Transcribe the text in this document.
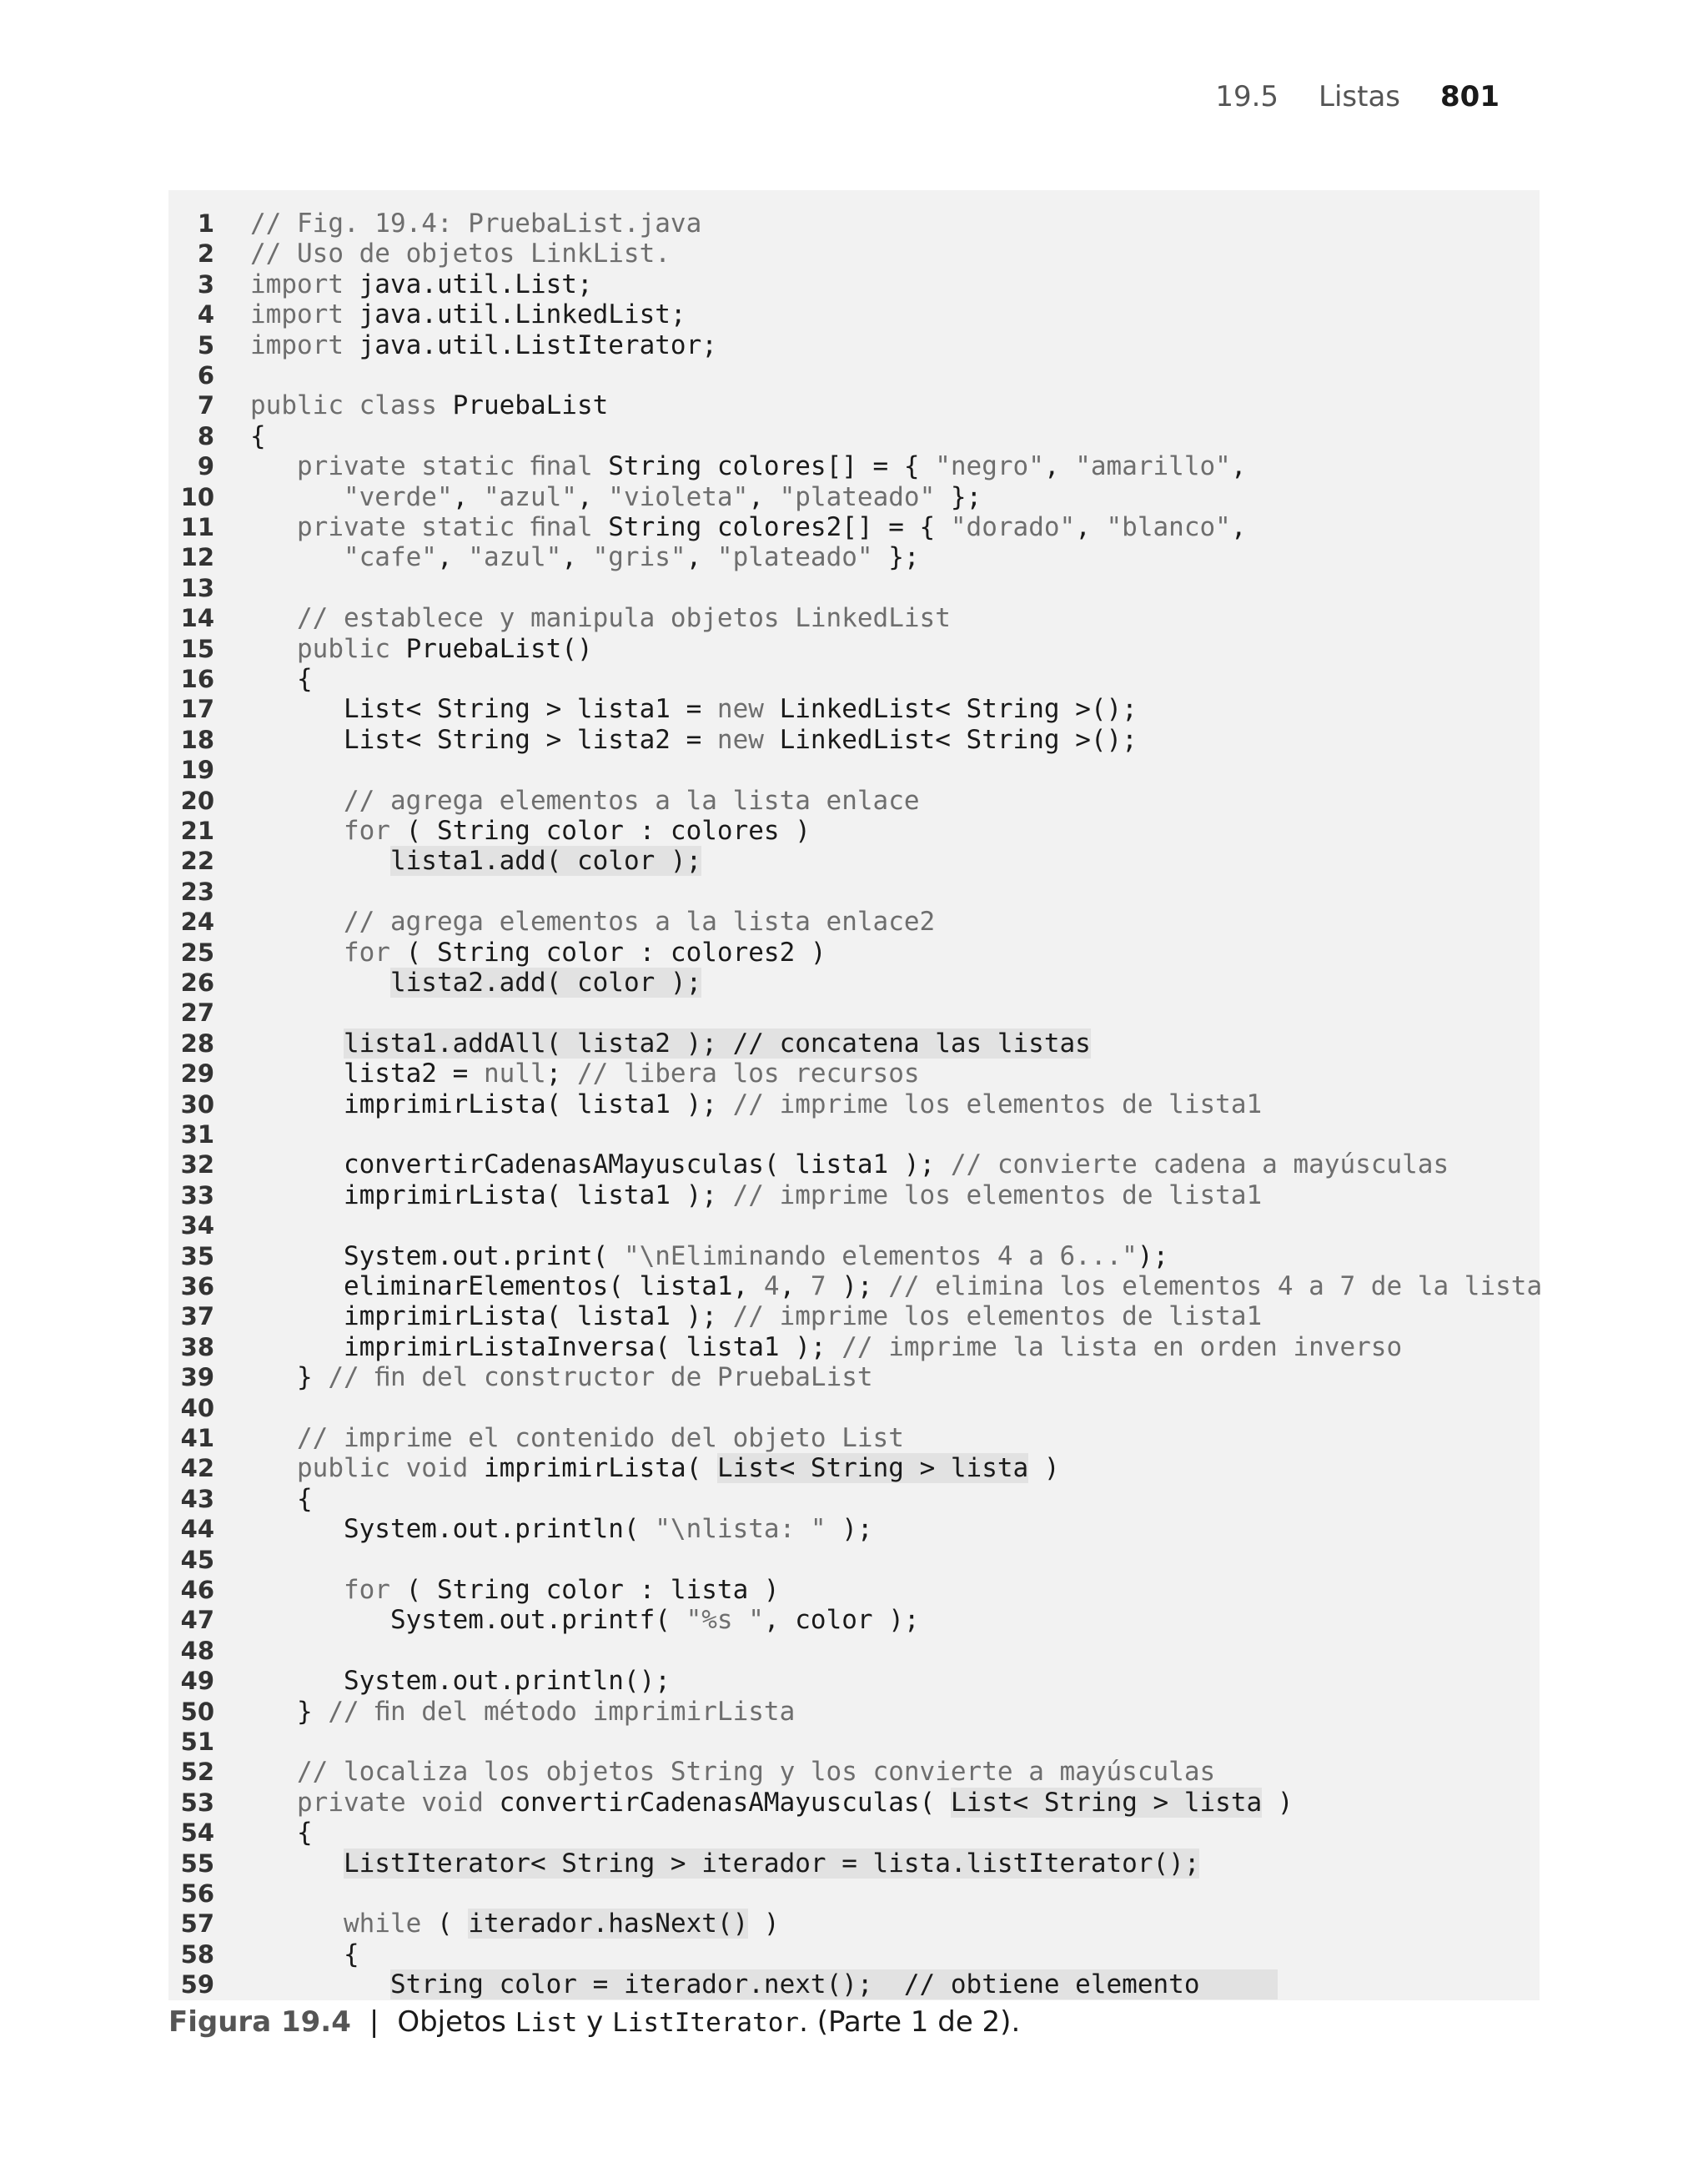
19.5 Listas 801
1 // Fig. 19.4: PruebaList.java
2 // Uso de objetos LinkList.
3 import java.util.List;
4 import java.util.LinkedList;
5 import java.util.ListIterator;
6
7 public class PruebaList
8 {
9	private static ﬁnal String colores[] = { "negro", "amarillo",
10	"verde", "azul", "violeta", "plateado" };
11	private static ﬁnal String colores2[] = { "dorado", "blanco",
12	"cafe", "azul", "gris", "plateado" };
13
14	// establece y manipula objetos LinkedList
15	public PruebaList()
16 {
17 List< String > lista1 = new LinkedList< String >();
18 List< String > lista2 = new LinkedList< String >();
19
20	// agrega elementos a la lista enlace
21	for ( String color : colores )
22	lista1.add( color );
23
24	// agrega elementos a la lista enlace2
25	for ( String color : colores2 )
26	lista2.add( color );
27
28	lista1.addAll( lista2 ); // concatena las listas
29 lista2 = null; // libera los recursos
30 imprimirLista( lista1 ); // imprime los elementos de lista1
31
32 convertirCadenasAMayusculas( lista1 ); // convierte cadena a mayúsculas
33 imprimirLista( lista1 ); // imprime los elementos de lista1
34
35 System.out.print( "\nEliminando elementos 4 a 6...");
36 eliminarElementos( lista1, 4, 7 ); // elimina los elementos 4 a 7 de la lista
37 imprimirLista( lista1 ); // imprime los elementos de lista1
38 imprimirListaInversa( lista1 ); // imprime la lista en orden inverso
39 } // ﬁn del constructor de PruebaList
40
41	// imprime el contenido del objeto List
42	public void imprimirLista( List< String > lista )
43 {
44 System.out.println( "\nlista: " );
45
46	for ( String color : lista )
47 System.out.printf( "%s ", color );
48
49 System.out.println();
50 } // ﬁn del método imprimirLista
51
52	// localiza los objetos String y los convierte a mayúsculas
53	private void convertirCadenasAMayusculas( List< String > lista )
54 {
55	ListIterator< String > iterador = lista.listIterator();
56
57	while ( iterador.hasNext() )
58 {
59	String color = iterador.next();  // obtiene elemento
Figura 19.4 | Objetos List y ListIterator . (Parte 1 de 2).
